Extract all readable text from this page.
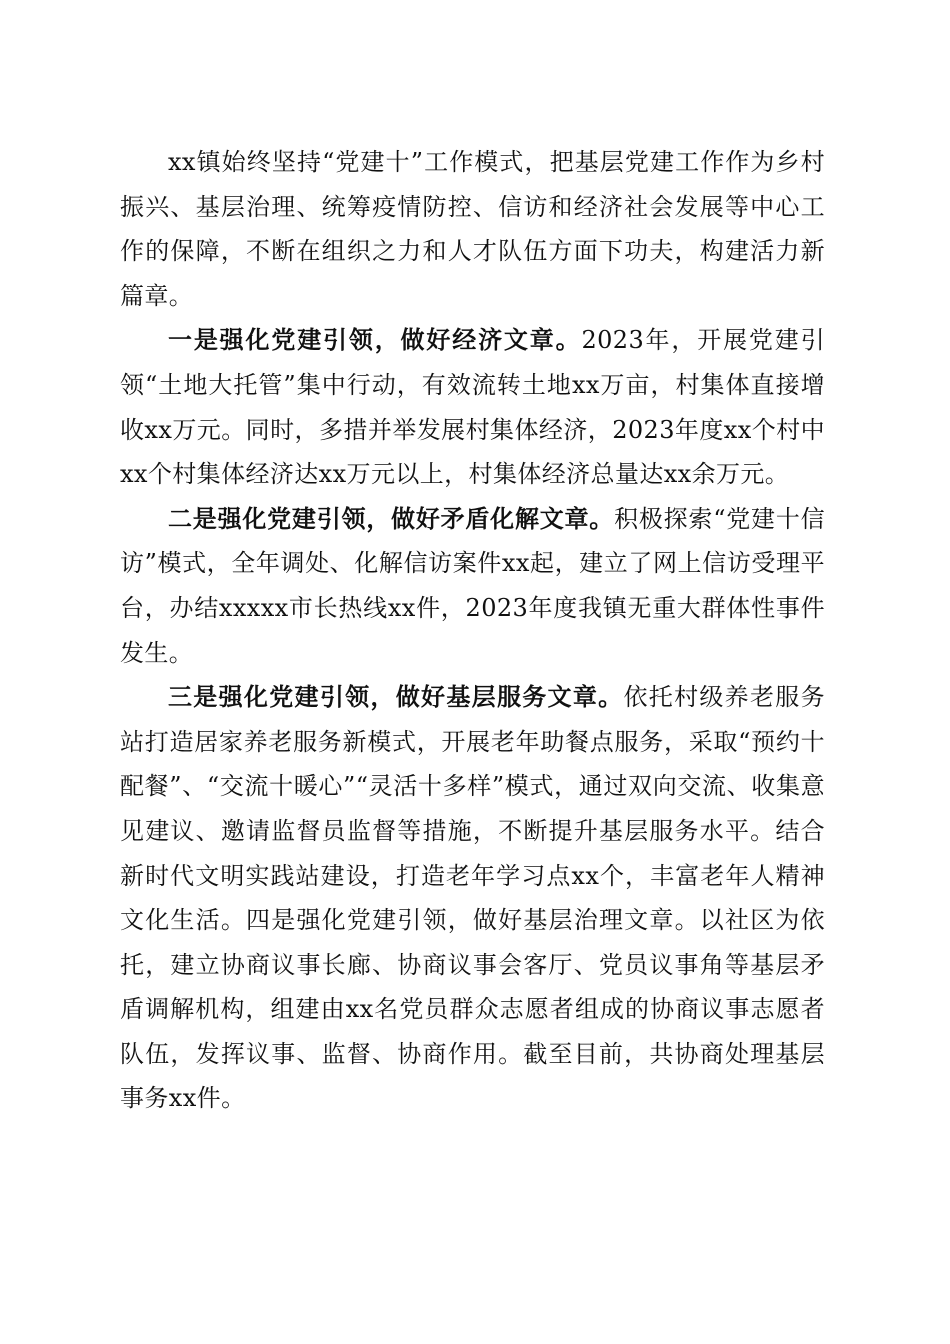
xx镇始终坚持“党建十”工作模式，把基层党建工作作为乡村振兴、基层治理、统筹疫情防控、信访和经济社会发展等中心工作的保障，不断在组织之力和人才队伍方面下功夫，构建活力新篇章。

一是强化党建引领，做好经济文章。2023年，开展党建引领“土地大托管”集中行动，有效流转土地xx万亩，村集体直接增收xx万元。同时，多措并举发展村集体经济，2023年度xx个村中xx个村集体经济达xx万元以上，村集体经济总量达xx余万元。

二是强化党建引领，做好矛盾化解文章。积极探索“党建十信访”模式，全年调处、化解信访案件xx起，建立了网上信访受理平台，办结xxxxx市长热线xx件，2023年度我镇无重大群体性事件发生。

三是强化党建引领，做好基层服务文章。依托村级养老服务站打造居家养老服务新模式，开展老年助餐点服务，采取“预约十配餐”、“交流十暖心”“灵活十多样”模式，通过双向交流、收集意见建议、邀请监督员监督等措施，不断提升基层服务水平。结合新时代文明实践站建设，打造老年学习点xx个，丰富老年人精神文化生活。四是强化党建引领，做好基层治理文章。以社区为依托，建立协商议事长廊、协商议事会客厅、党员议事角等基层矛盾调解机构，组建由xx名党员群众志愿者组成的协商议事志愿者队伍，发挥议事、监督、协商作用。截至目前，共协商处理基层事务xx件。
